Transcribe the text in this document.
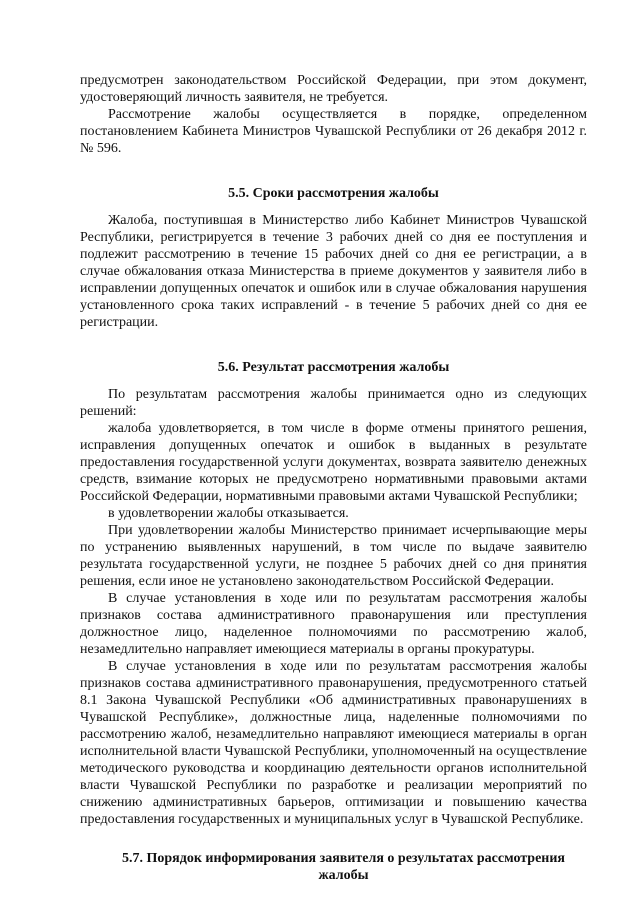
предусмотрен законодательством Российской Федерации, при этом документ, удостоверяющий личность заявителя, не требуется.

Рассмотрение жалобы осуществляется в порядке, определенном постановлением Кабинета Министров Чувашской Республики от 26 декабря 2012 г. № 596.

5.5. Сроки рассмотрения жалобы

Жалоба, поступившая в Министерство либо Кабинет Министров Чувашской Республики, регистрируется в течение 3 рабочих дней со дня ее поступления и подлежит рассмотрению в течение 15 рабочих дней со дня ее регистрации, а в случае обжалования отказа Министерства в приеме документов у заявителя либо в исправлении допущенных опечаток и ошибок или в случае обжалования нарушения установленного срока таких исправлений - в течение 5 рабочих дней со дня ее регистрации.

5.6. Результат рассмотрения жалобы

По результатам рассмотрения жалобы принимается одно из следующих решений:

жалоба удовлетворяется, в том числе в форме отмены принятого решения, исправления допущенных опечаток и ошибок в выданных в результате предоставления государственной услуги документах, возврата заявителю денежных средств, взимание которых не предусмотрено нормативными правовыми актами Российской Федерации, нормативными правовыми актами Чувашской Республики;

в удовлетворении жалобы отказывается.

При удовлетворении жалобы Министерство принимает исчерпывающие меры по устранению выявленных нарушений, в том числе по выдаче заявителю результата государственной услуги, не позднее 5 рабочих дней со дня принятия решения, если иное не установлено законодательством Российской Федерации.

В случае установления в ходе или по результатам рассмотрения жалобы признаков состава административного правонарушения или преступления должностное лицо, наделенное полномочиями по рассмотрению жалоб, незамедлительно направляет имеющиеся материалы в органы прокуратуры.

В случае установления в ходе или по результатам рассмотрения жалобы признаков состава административного правонарушения, предусмотренного статьей 8.1 Закона Чувашской Республики «Об административных правонарушениях в Чувашской Республике», должностные лица, наделенные полномочиями по рассмотрению жалоб, незамедлительно направляют имеющиеся материалы в орган исполнительной власти Чувашской Республики, уполномоченный на осуществление методического руководства и координацию деятельности органов исполнительной власти Чувашской Республики по разработке и реализации мероприятий по снижению административных барьеров, оптимизации и повышению качества предоставления государственных и муниципальных услуг в Чувашской Республике.

5.7. Порядок информирования заявителя о результатах рассмотрения жалобы
